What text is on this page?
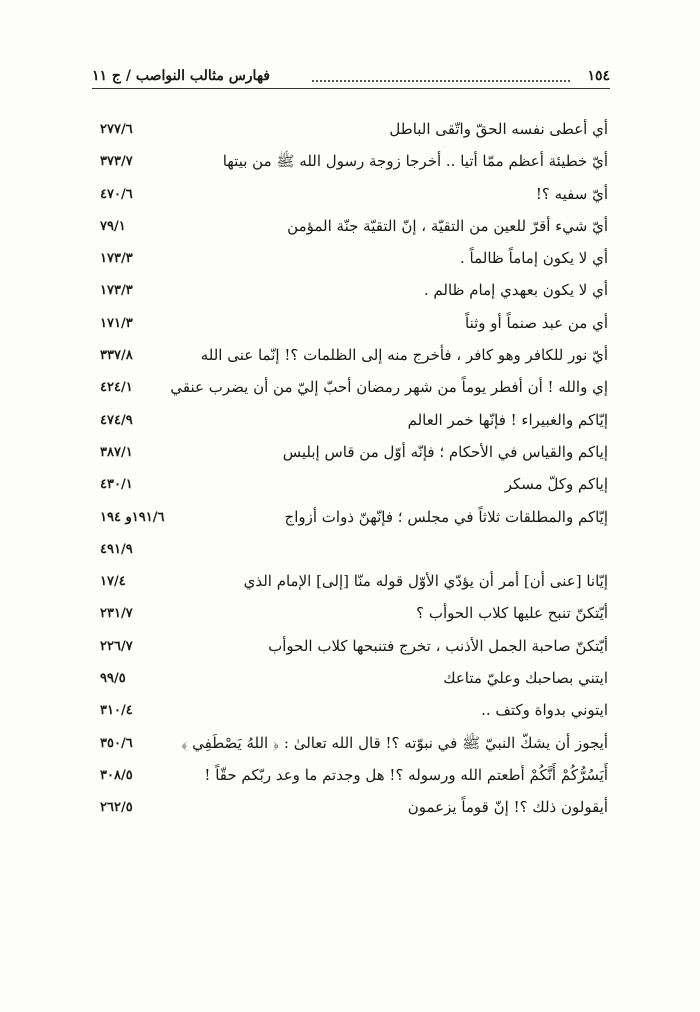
١٥٤
فهارس مثالب النواصب / ج ١١
أي أعطى نفسه الحقّ واتّقى الباطل
٢٧٧/٦
أيّ خطيئة أعظم ممّا أتيا .. أخرجا زوجة رسول الله ﷺ من بيتها
٣٧٣/٧
أيّ سفيه ؟!
٤٧٠/٦
أيّ شيء أقرّ للعين من التقيّة ، إنّ التقيّة جنّة المؤمن
٧٩/١
أي لا يكون إماماً ظالماً .
١٧٣/٣
أي لا يكون بعهدي إمام ظالم .
١٧٣/٣
أي من عبد صنماً أو وثناً
١٧١/٣
أيّ نور للكافر وهو كافر ، فأخرج منه إلى الظلمات ؟! إنّما عنى الله
٣٣٧/٨
إي والله ! أن أفطر يوماً من شهر رمضان أحبّ إليّ من أن يضرب عنقي
٤٢٤/١
إيّاكم والغبيراء ! فإنّها خمر العالم
٤٧٤/٩
إياكم والقياس في الأحكام ؛ فإنّه أوّل من قاس إبليس
٣٨٧/١
إياكم وكلّ مسكر
٤٣٠/١
إيّاكم والمطلقات ثلاثاً في مجلس ؛ فإنّهنّ ذوات أزواج
١٩١/٦و ١٩٤
٤٩١/٩
إيّانا [عنى أن] أمر أن يؤدّي الأوّل قوله منّا [إلى] الإمام الذي
١٧/٤
أيّتكنّ تنبح عليها كلاب الحوأب ؟
٢٣١/٧
أيّتكنّ صاحبة الجمل الأذنب ، تخرج فتنبحها كلاب الحوأب
٢٢٦/٧
ايتني بصاحبك وعليّ متاعك
٩٩/٥
ايتوني بدواة وكتف ..
٣١٠/٤
أيجوز أن يشكّ النبيّ ﷺ في نبوّته ؟! قال الله تعالىٰ : ﴿ اللهُ يَصْطَفِي ﴾
٣٥٠/٦
أَيَسُرُّكُمْ أَنَّكُمْ أطعتم الله ورسوله ؟! هل وجدتم ما وعد ربّكم حقّاً !
٣٠٨/٥
أيقولون ذلك ؟! إنّ قوماً يزعمون
٢٦٢/٥
